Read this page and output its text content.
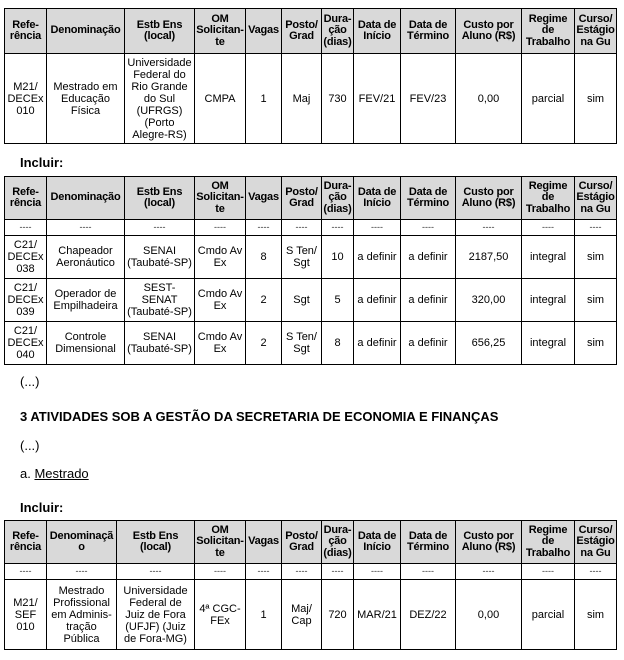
Refe-rência	Denominação	Estb Ens (local)	OM Solicitan-te	Vagas	Posto/ Grad	Dura-ção (dias)	Data de Início	Data de Término	Custo por Aluno (R$)	Regime de Trabalho	Curso/ Estágio na Gu
M21/ DECEx 010	Mestrado em Educação Física	Universidade Federal do Rio Grande do Sul (UFRGS) (Porto Alegre-RS)	CMPA	1	Maj	730	FEV/21	FEV/23	0,00	parcial	sim
Incluir:
Refe-rência	Denominação	Estb Ens (local)	OM Solicitan-te	Vagas	Posto/ Grad	Dura-ção (dias)	Data de Início	Data de Término	Custo por Aluno (R$)	Regime de Trabalho	Curso/ Estágio na Gu
----	----	----	----	----	----	----	----	----	----	----	----
C21/ DECEx 038	Chapeador Aeronáutico	SENAI (Taubaté-SP)	Cmdo Av Ex	8	S Ten/ Sgt	10	a definir	a definir	2187,50	integral	sim
C21/ DECEx 039	Operador de Empilhadeira	SEST-SENAT (Taubaté-SP)	Cmdo Av Ex	2	Sgt	5	a definir	a definir	320,00	integral	sim
C21/ DECEx 040	Controle Dimensional	SENAI (Taubaté-SP)	Cmdo Av Ex	2	S Ten/ Sgt	8	a definir	a definir	656,25	integral	sim
(...)
3 ATIVIDADES SOB A GESTÃO DA SECRETARIA DE ECONOMIA E FINANÇAS
(...)
a. Mestrado
Incluir:
Refe-rência	Denominação	Estb Ens (local)	OM Solicitan-te	Vagas	Posto/ Grad	Dura-ção (dias)	Data de Início	Data de Término	Custo por Aluno (R$)	Regime de Trabalho	Curso/ Estágio na Gu
----	----	----	----	----	----	----	----	----	----	----	----
M21/ SEF 010	Mestrado Profissional em Adminis-tração Pública	Universidade Federal de Juiz de Fora (UFJF) (Juiz de Fora-MG)	4ª CGC-FEx	1	Maj/ Cap	720	MAR/21	DEZ/22	0,00	parcial	sim
